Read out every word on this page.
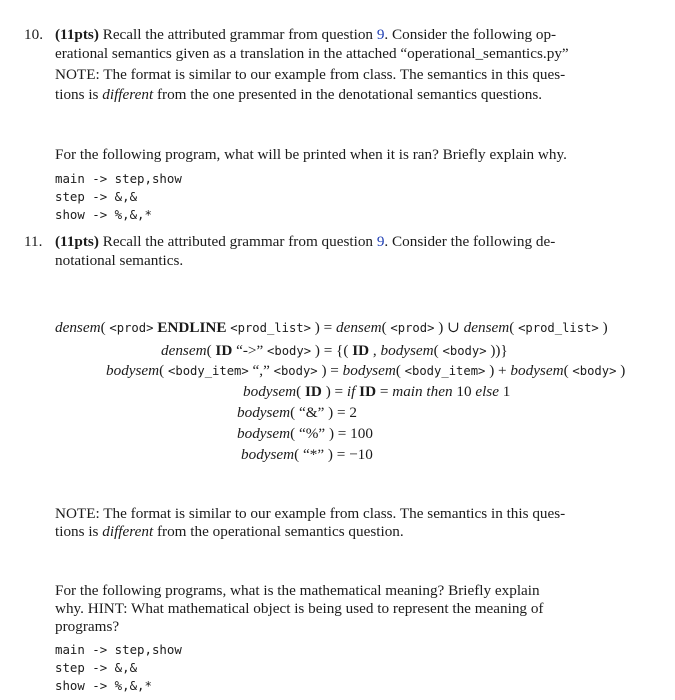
10. (11pts) Recall the attributed grammar from question 9. Consider the following op-
erational semantics given as a translation in the attached “operational_semantics.py”
NOTE: The format is similar to our example from class. The semantics in this ques-
tions is different from the one presented in the denotational semantics questions.
For the following program, what will be printed when it is ran? Briefly explain why.
main -> step,show
step -> &,&
show -> %,&,*
11. (11pts) Recall the attributed grammar from question 9. Consider the following de-
notational semantics.
densem( <prod> ENDLINE <prod_list> ) = densem( <prod> ) ∪ densem( <prod_list> )
densem( ID “->” <body> ) = {( ID , bodysem( <body> ))}
bodysem( <body_item> “,” <body> ) = bodysem( <body_item> ) + bodysem( <body> )
bodysem( ID ) = if ID = main then 10 else 1
bodysem( “&” ) = 2
bodysem( “%” ) = 100
bodysem( “*” ) = −10
NOTE: The format is similar to our example from class. The semantics in this ques-
tions is different from the operational semantics question.
For the following programs, what is the mathematical meaning? Briefly explain
why. HINT: What mathematical object is being used to represent the meaning of
programs?
main -> step,show
step -> &,&
show -> %,&,*
